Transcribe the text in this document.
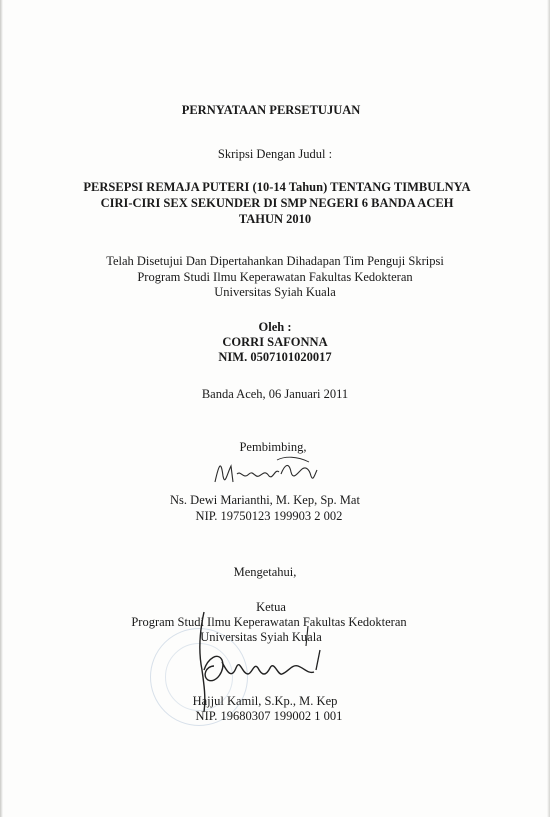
PERNYATAAN PERSETUJUAN
Skripsi Dengan Judul :
PERSEPSI REMAJA PUTERI (10-14 Tahun) TENTANG TIMBULNYA
CIRI-CIRI SEX SEKUNDER DI SMP NEGERI 6 BANDA ACEH
TAHUN 2010
Telah Disetujui Dan Dipertahankan Dihadapan Tim Penguji Skripsi
Program Studi Ilmu Keperawatan Fakultas Kedokteran
Universitas Syiah Kuala
Oleh :
CORRI SAFONNA
NIM. 0507101020017
Banda Aceh, 06 Januari 2011
Pembimbing,
Ns. Dewi Marianthi, M. Kep, Sp. Mat
NIP. 19750123 199903 2 002
Mengetahui,
Ketua
Program Studi Ilmu Keperawatan Fakultas Kedokteran
Universitas Syiah Kuala
Hajjul Kamil, S.Kp., M. Kep
NIP. 19680307 199002 1 001
